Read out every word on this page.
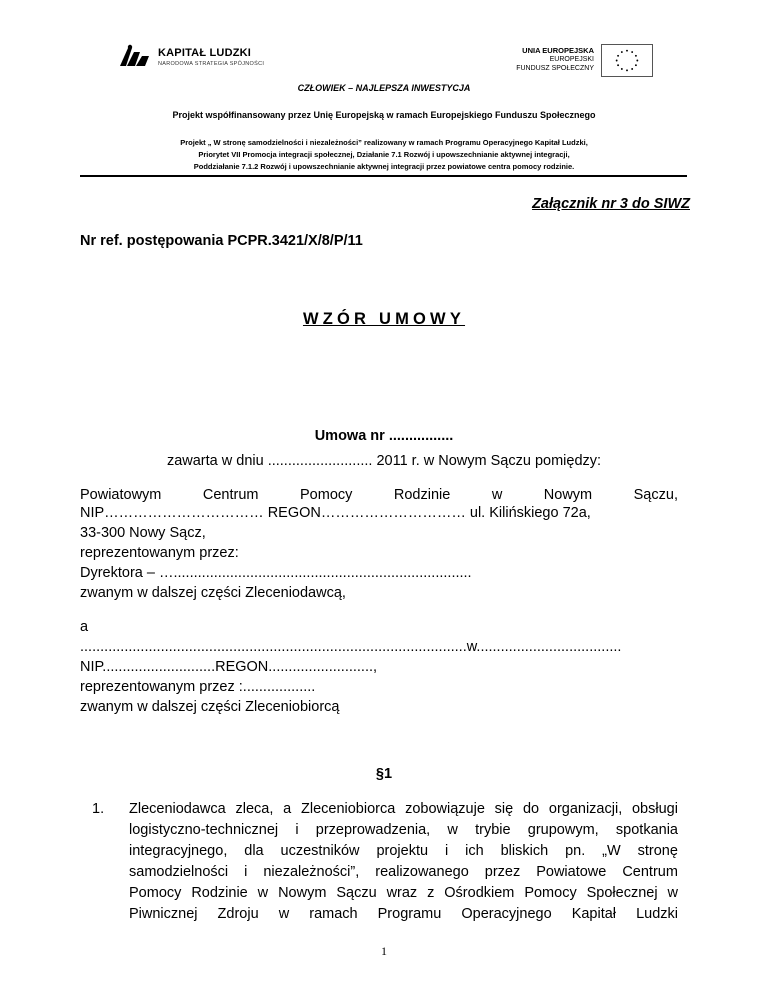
KAPITAŁ LUDZKI
NARODOWA STRATEGIA SPÓJNOŚCI
UNIA EUROPEJSKA
EUROPEJSKI
FUNDUSZ SPOŁECZNY
CZŁOWIEK – NAJLEPSZA INWESTYCJA
Projekt współfinansowany przez Unię Europejską w ramach Europejskiego Funduszu Społecznego
Projekt „ W stronę samodzielności i niezależności” realizowany w ramach Programu Operacyjnego Kapitał Ludzki,
Priorytet VII Promocja integracji społecznej, Działanie 7.1 Rozwój i upowszechnianie aktywnej integracji,
Poddziałanie 7.1.2 Rozwój i upowszechnianie aktywnej integracji przez powiatowe centra pomocy rodzinie.
Załącznik nr 3 do SIWZ
Nr ref. postępowania PCPR.3421/X/8/P/11
WZÓR UMOWY
Umowa nr ................
zawarta w dniu .......................... 2011 r. w Nowym Sączu pomiędzy:
Powiatowym	Centrum	Pomocy	Rodzinie	w	Nowym	Sączu,
NIP…………………………… REGON………………………… ul. Kilińskiego 72a,
33-300 Nowy Sącz,
reprezentowanym przez:
Dyrektora – …..........................................................................
zwanym w dalszej części Zleceniodawcą,
a
................................................................................................w....................................
NIP............................REGON..........................,
reprezentowanym przez :..................
zwanym w dalszej części Zleceniobiorcą
§1
1. Zleceniodawca zleca, a Zleceniobiorca zobowiązuje się do organizacji, obsługi
logistyczno-technicznej i przeprowadzenia, w trybie grupowym, spotkania
integracyjnego, dla uczestników projektu i ich bliskich pn. „W stronę
samodzielności i niezależności”, realizowanego przez Powiatowe Centrum
Pomocy Rodzinie w Nowym Sączu wraz z Ośrodkiem Pomocy Społecznej w
Piwnicznej Zdroju w ramach Programu Operacyjnego Kapitał Ludzki
1
